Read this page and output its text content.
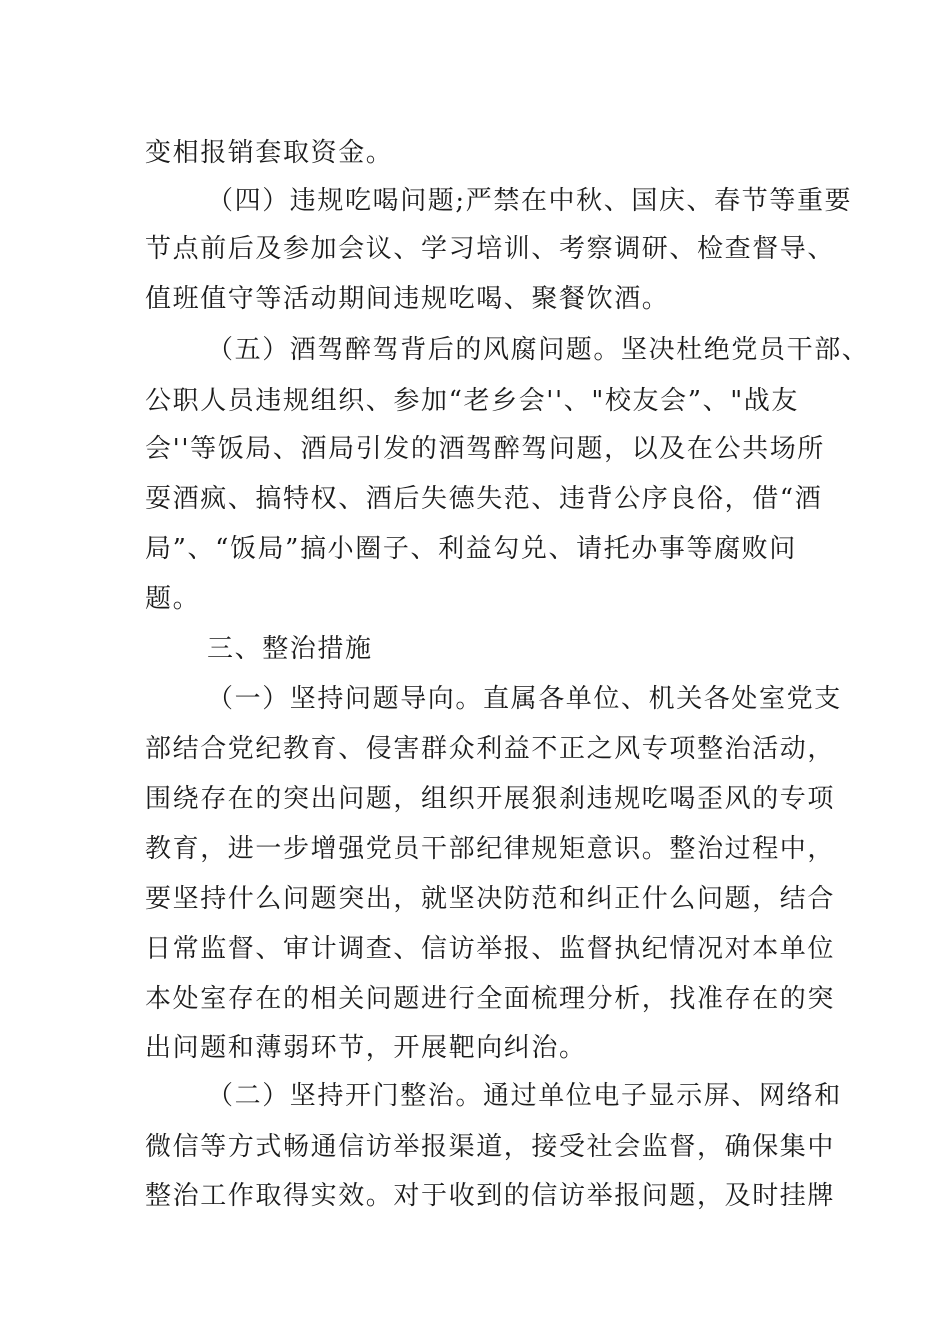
变相报销套取资金。

（四）违规吃喝问题;严禁在中秋、国庆、春节等重要

节点前后及参加会议、学习培训、考察调研、检查督导、

值班值守等活动期间违规吃喝、聚餐饮酒。

（五）酒驾醉驾背后的风腐问题。坚决杜绝党员干部、

公职人员违规组织、参加“老乡会''、"校友会”、"战友

会''等饭局、酒局引发的酒驾醉驾问题，以及在公共场所

耍酒疯、搞特权、酒后失德失范、违背公序良俗，借“酒

局”、“饭局”搞小圈子、利益勾兑、请托办事等腐败问

题。

三、整治措施

（一）坚持问题导向。直属各单位、机关各处室党支

部结合党纪教育、侵害群众利益不正之风专项整治活动，

围绕存在的突出问题，组织开展狠刹违规吃喝歪风的专项

教育，进一步增强党员干部纪律规矩意识。整治过程中，

要坚持什么问题突出，就坚决防范和纠正什么问题，结合

日常监督、审计调查、信访举报、监督执纪情况对本单位

本处室存在的相关问题进行全面梳理分析，找准存在的突

出问题和薄弱环节，开展靶向纠治。

（二）坚持开门整治。通过单位电子显示屏、网络和

微信等方式畅通信访举报渠道，接受社会监督，确保集中

整治工作取得实效。对于收到的信访举报问题，及时挂牌
